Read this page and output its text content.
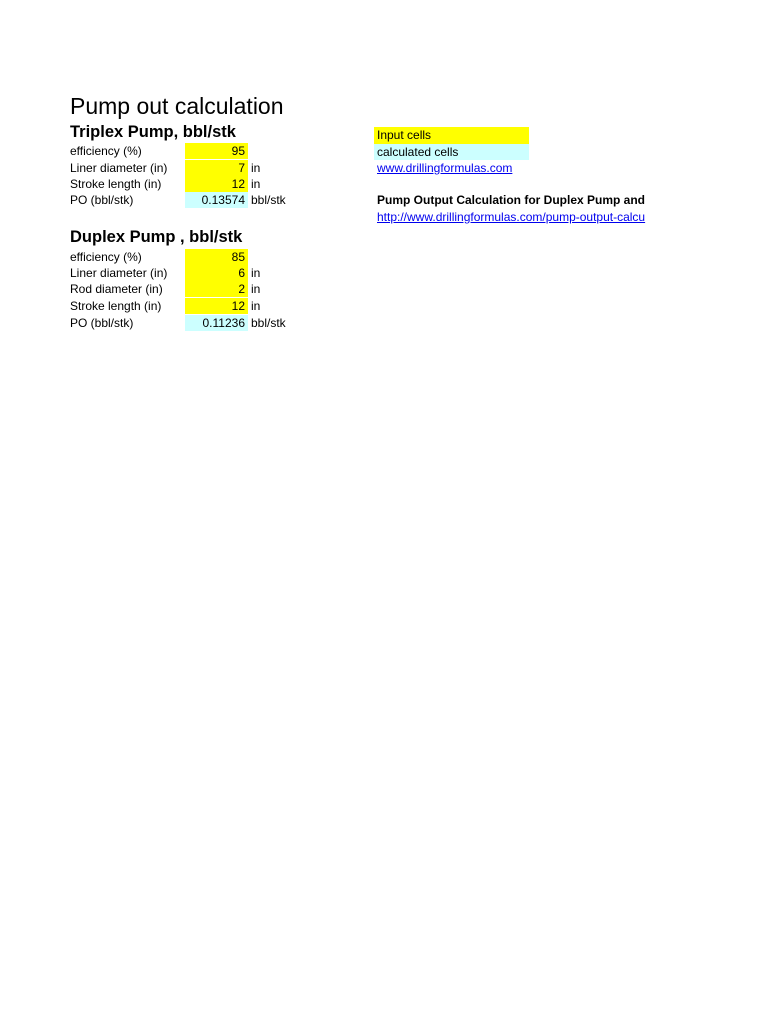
Pump out calculation
Triplex Pump, bbl/stk
efficiency (%)	95
Liner diameter (in)	7 in
Stroke length (in)	12 in
PO (bbl/stk)	0.13574 bbl/stk
Duplex Pump , bbl/stk
efficiency (%)	85
Liner diameter (in)	6 in
Rod diameter (in)	2 in
Stroke length (in)	12 in
PO (bbl/stk)	0.11236 bbl/stk
Input cells
calculated cells
www.drillingformulas.com
Pump Output Calculation for Duplex Pump and
http://www.drillingformulas.com/pump-output-calcu
